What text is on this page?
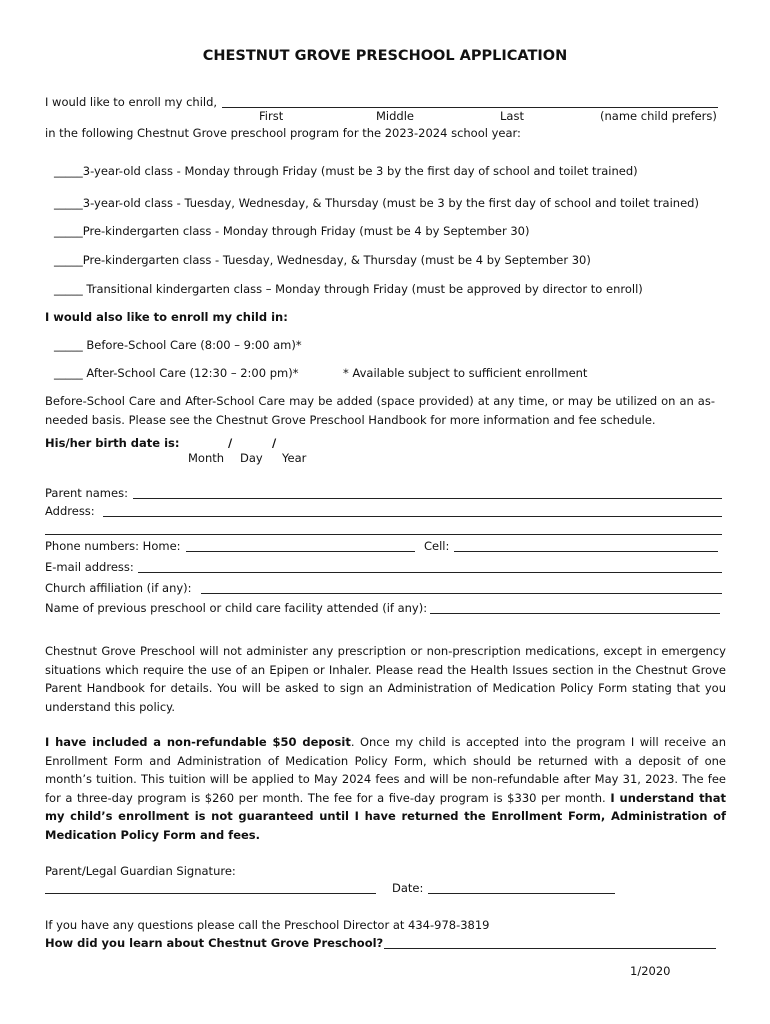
CHESTNUT GROVE PRESCHOOL APPLICATION
I would like to enroll my child,
First	Middle	Last	(name child prefers)
in the following Chestnut Grove preschool program for the 2023-2024 school year:
_____3-year-old class - Monday through Friday (must be 3 by the first day of school and toilet trained)
_____3-year-old class - Tuesday, Wednesday, & Thursday (must be 3 by the first day of school and toilet trained)
_____Pre-kindergarten class - Monday through Friday (must be 4 by September 30)
_____Pre-kindergarten class - Tuesday, Wednesday, & Thursday (must be 4 by September 30)
_____ Transitional kindergarten class – Monday through Friday (must be approved by director to enroll)
I would also like to enroll my child in:
_____ Before-School Care (8:00 – 9:00 am)*
_____ After-School Care (12:30 – 2:00 pm)*	* Available subject to sufficient enrollment
Before-School Care and After-School Care may be added (space provided) at any time, or may be utilized on an as-needed basis. Please see the Chestnut Grove Preschool Handbook for more information and fee schedule.
His/her birth date is:	/	/
Month Day Year
Parent names:
Address:
Phone numbers: Home:	Cell:
E-mail address:
Church affiliation (if any):
Name of previous preschool or child care facility attended (if any):
Chestnut Grove Preschool will not administer any prescription or non-prescription medications, except in emergency situations which require the use of an Epipen or Inhaler. Please read the Health Issues section in the Chestnut Grove Parent Handbook for details. You will be asked to sign an Administration of Medication Policy Form stating that you understand this policy.
I have included a non-refundable $50 deposit. Once my child is accepted into the program I will receive an Enrollment Form and Administration of Medication Policy Form, which should be returned with a deposit of one month’s tuition. This tuition will be applied to May 2024 fees and will be non-refundable after May 31, 2023. The fee for a three-day program is $260 per month. The fee for a five-day program is $330 per month. I understand that my child’s enrollment is not guaranteed until I have returned the Enrollment Form, Administration of Medication Policy Form and fees.
Parent/Legal Guardian Signature:
Date:
If you have any questions please call the Preschool Director at 434-978-3819
How did you learn about Chestnut Grove Preschool?
1/2020
